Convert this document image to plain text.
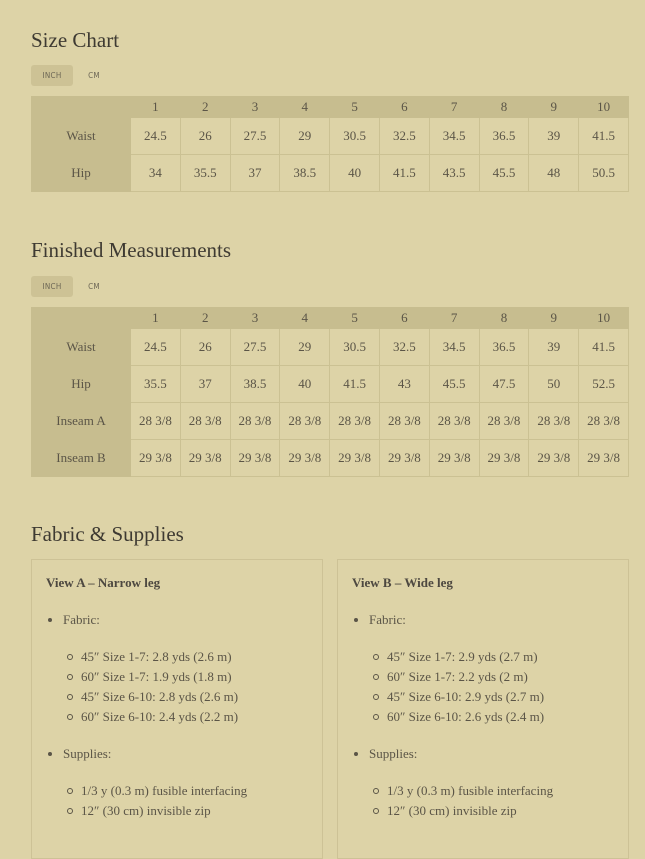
Size Chart
INCH	CM
	1	2	3	4	5	6	7	8	9	10
Waist	24.5	26	27.5	29	30.5	32.5	34.5	36.5	39	41.5
Hip	34	35.5	37	38.5	40	41.5	43.5	45.5	48	50.5
Finished Measurements
INCH	CM
	1	2	3	4	5	6	7	8	9	10
Waist	24.5	26	27.5	29	30.5	32.5	34.5	36.5	39	41.5
Hip	35.5	37	38.5	40	41.5	43	45.5	47.5	50	52.5
Inseam A	28 3/8	28 3/8	28 3/8	28 3/8	28 3/8	28 3/8	28 3/8	28 3/8	28 3/8	28 3/8
Inseam B	29 3/8	29 3/8	29 3/8	29 3/8	29 3/8	29 3/8	29 3/8	29 3/8	29 3/8	29 3/8
Fabric & Supplies
View A – Narrow leg
Fabric:
45″ Size 1-7: 2.8 yds (2.6 m)
60″ Size 1-7: 1.9 yds (1.8 m)
45″ Size 6-10: 2.8 yds (2.6 m)
60″ Size 6-10: 2.4 yds (2.2 m)
Supplies:
1/3 y (0.3 m) fusible interfacing
12″ (30 cm) invisible zip
View B – Wide leg
Fabric:
45″ Size 1-7: 2.9 yds (2.7 m)
60″ Size 1-7: 2.2 yds (2 m)
45″ Size 6-10: 2.9 yds (2.7 m)
60″ Size 6-10: 2.6 yds (2.4 m)
Supplies:
1/3 y (0.3 m) fusible interfacing
12″ (30 cm) invisible zip
